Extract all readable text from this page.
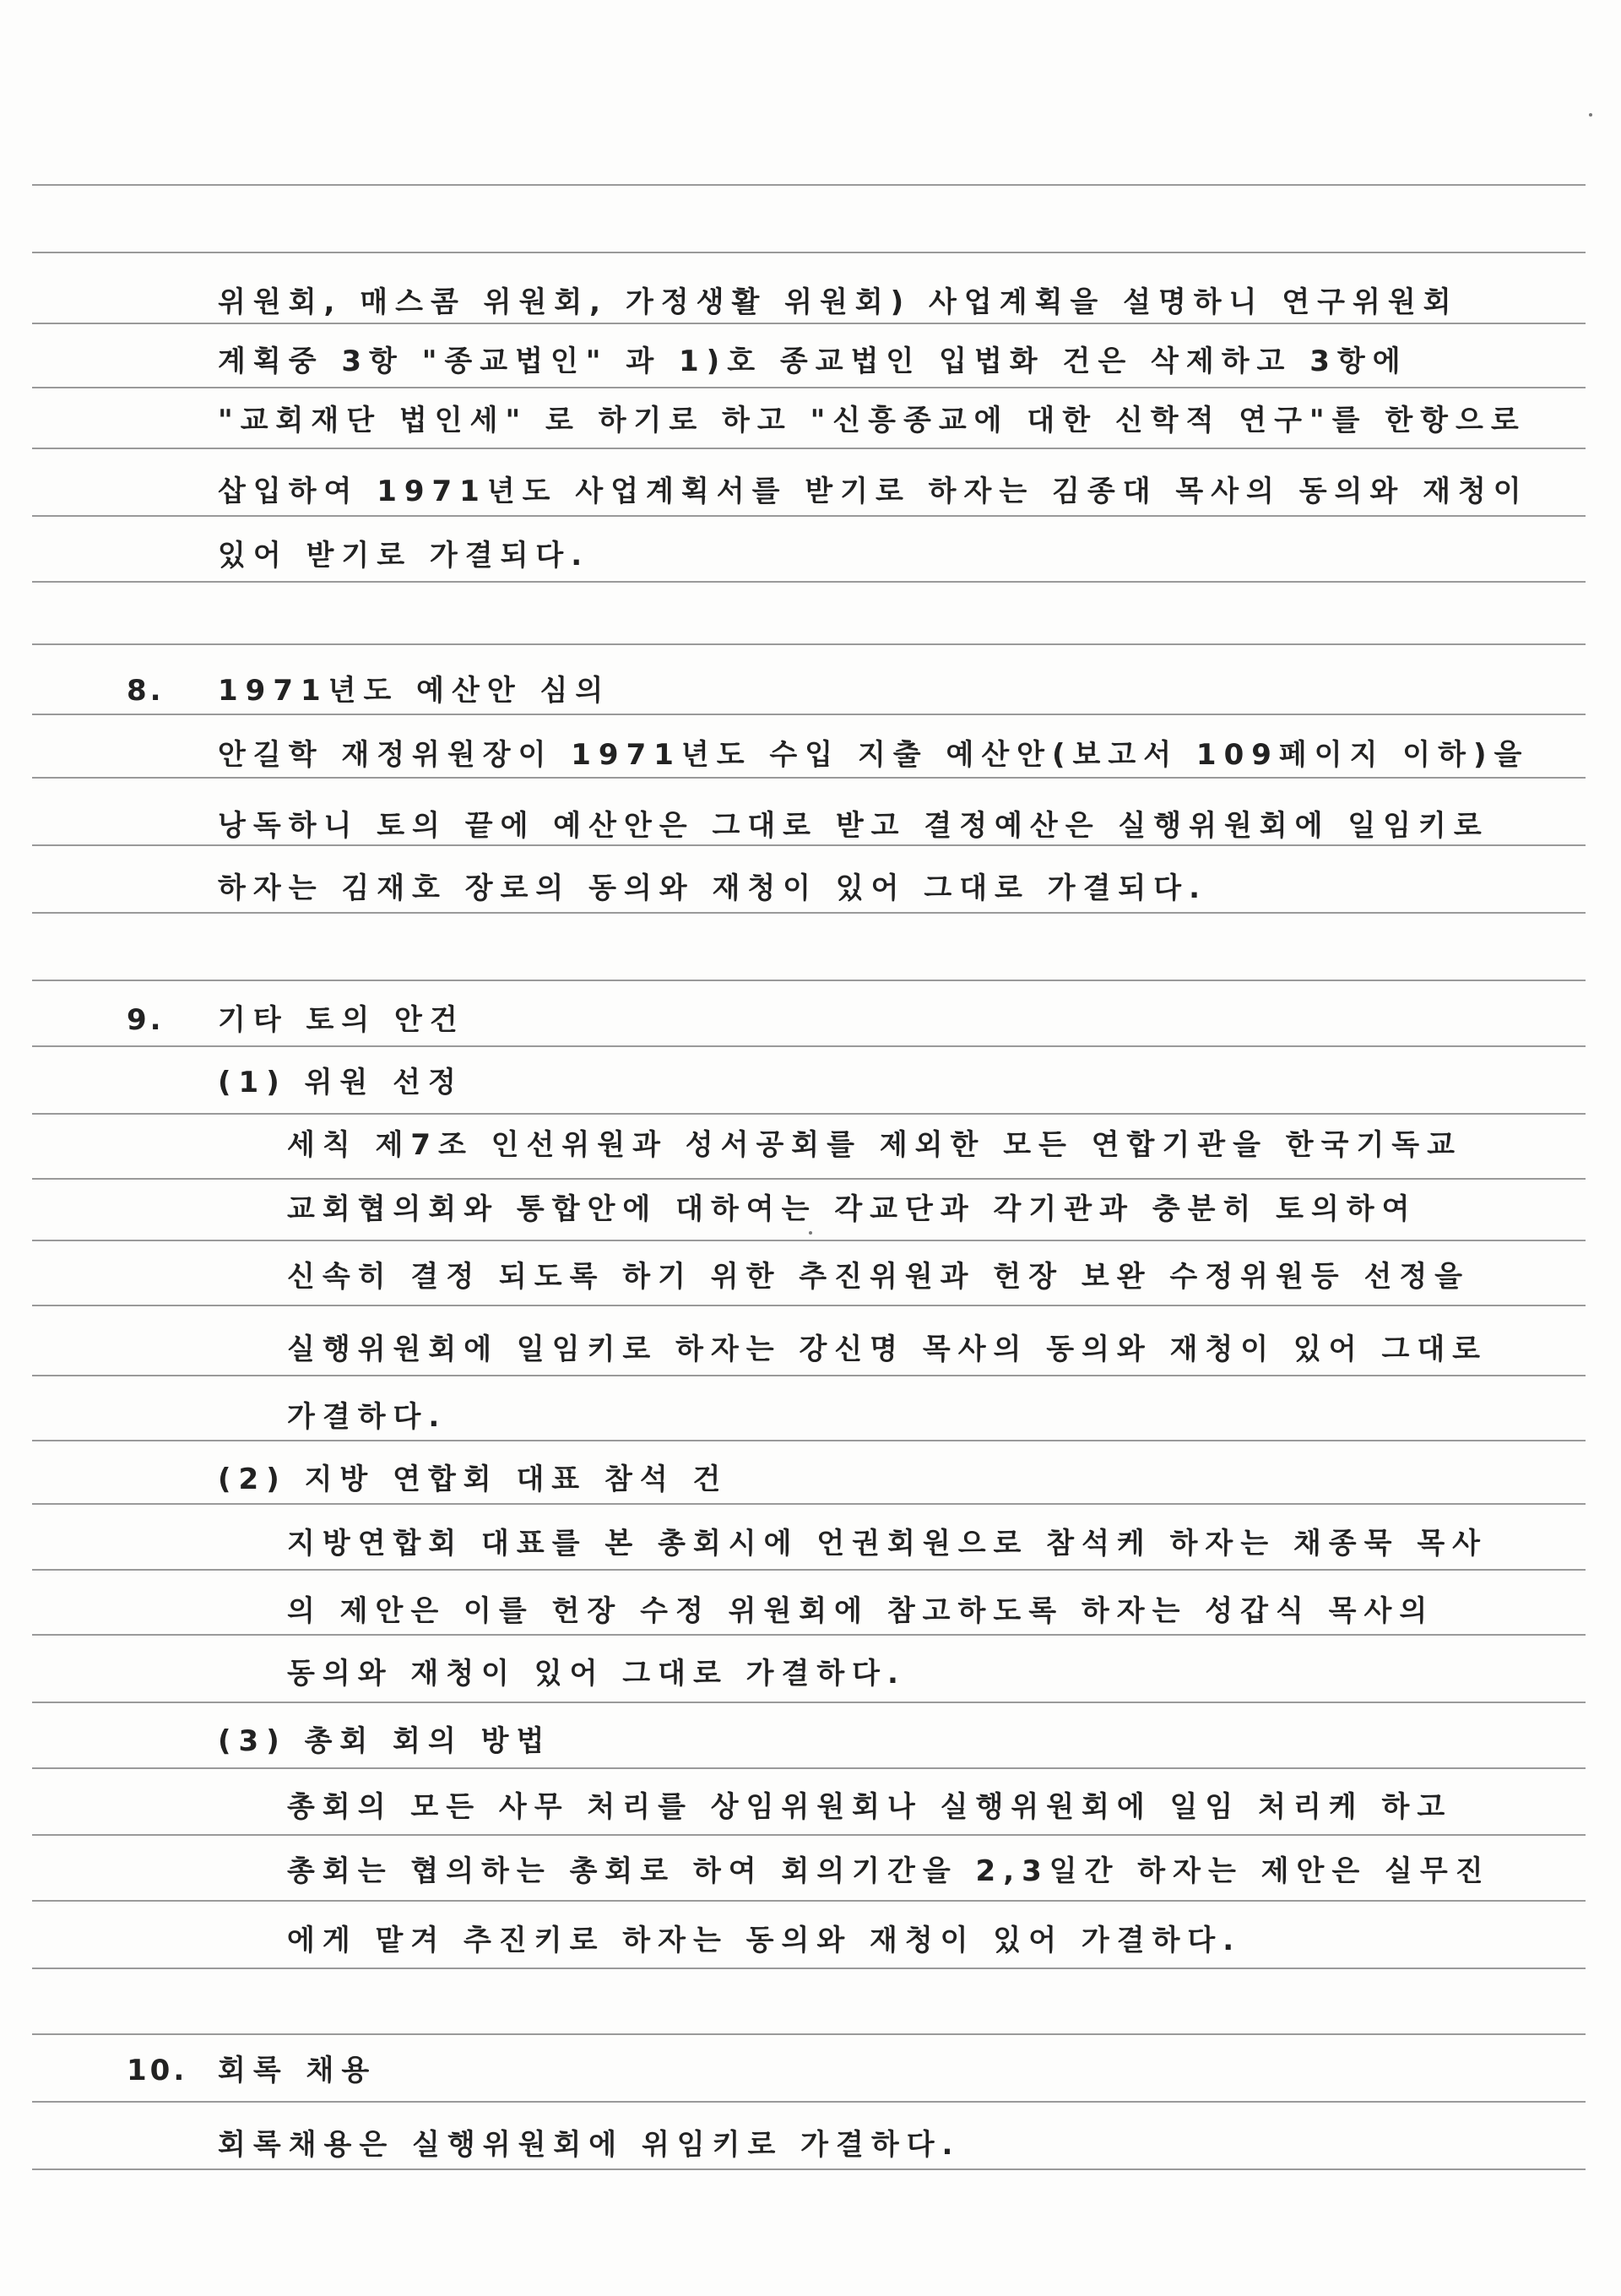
위원회, 매스콤 위원회, 가정생활 위원회) 사업계획을 설명하니 연구위원회
계획중 3항 "종교법인" 과 1)호 종교법인 입법화 건은 삭제하고 3항에
"교회재단 법인세" 로 하기로 하고 "신흥종교에 대한 신학적 연구"를 한항으로
삽입하여 1971년도 사업계획서를 받기로 하자는 김종대 목사의 동의와 재청이
있어 받기로 가결되다.
8. 1971년도 예산안 심의
안길학 재정위원장이 1971년도 수입 지출 예산안(보고서 109페이지 이하)을
낭독하니 토의 끝에 예산안은 그대로 받고 결정예산은 실행위원회에 일임키로
하자는 김재호 장로의 동의와 재청이 있어 그대로 가결되다.
9. 기타 토의 안건
(1) 위원 선정
세칙 제7조 인선위원과 성서공회를 제외한 모든 연합기관을 한국기독교
교회협의회와 통합안에 대하여는 각교단과 각기관과 충분히 토의하여
신속히 결정 되도록 하기 위한 추진위원과 헌장 보완 수정위원등 선정을
실행위원회에 일임키로 하자는 강신명 목사의 동의와 재청이 있어 그대로
가결하다.
(2) 지방 연합회 대표 참석 건
지방연합회 대표를 본 총회시에 언권회원으로 참석케 하자는 채종묵 목사
의 제안은 이를 헌장 수정 위원회에 참고하도록 하자는 성갑식 목사의
동의와 재청이 있어 그대로 가결하다.
(3) 총회 회의 방법
총회의 모든 사무 처리를 상임위원회나 실행위원회에 일임 처리케 하고
총회는 협의하는 총회로 하여 회의기간을 2,3일간 하자는 제안은 실무진
에게 맡겨 추진키로 하자는 동의와 재청이 있어 가결하다.
10. 회록 채용
회록채용은 실행위원회에 위임키로 가결하다.
